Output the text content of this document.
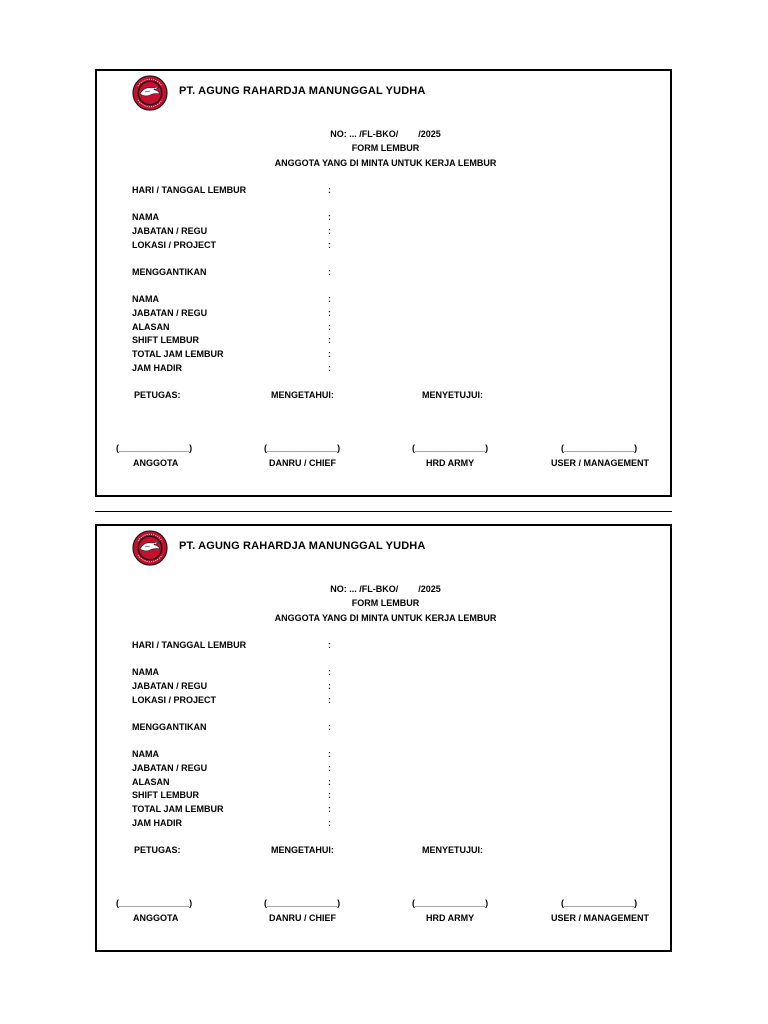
PT. AGUNG RAHARDJA MANUNGGAL YUDHA
NO: ... /FL-BKO/ /2025
FORM LEMBUR
ANGGOTA YANG DI MINTA UNTUK KERJA LEMBUR
HARI / TANGGAL LEMBUR	:
NAMA	:
JABATAN / REGU	:
LOKASI / PROJECT	:
MENGGANTIKAN	:
NAMA	:
JABATAN / REGU	:
ALASAN	:
SHIFT LEMBUR	:
TOTAL JAM LEMBUR	:
JAM HADIR	:
PETUGAS:	MENGETAHUI:	MENYETUJUI:
(______________)	(______________)	(______________)	(______________)
ANGGOTA	DANRU / CHIEF	HRD ARMY	USER / MANAGEMENT
PT. AGUNG RAHARDJA MANUNGGAL YUDHA
NO: ... /FL-BKO/ /2025
FORM LEMBUR
ANGGOTA YANG DI MINTA UNTUK KERJA LEMBUR
HARI / TANGGAL LEMBUR	:
NAMA	:
JABATAN / REGU	:
LOKASI / PROJECT	:
MENGGANTIKAN	:
NAMA	:
JABATAN / REGU	:
ALASAN	:
SHIFT LEMBUR	:
TOTAL JAM LEMBUR	:
JAM HADIR	:
PETUGAS:	MENGETAHUI:	MENYETUJUI:
(______________)	(______________)	(______________)	(______________)
ANGGOTA	DANRU / CHIEF	HRD ARMY	USER / MANAGEMENT
